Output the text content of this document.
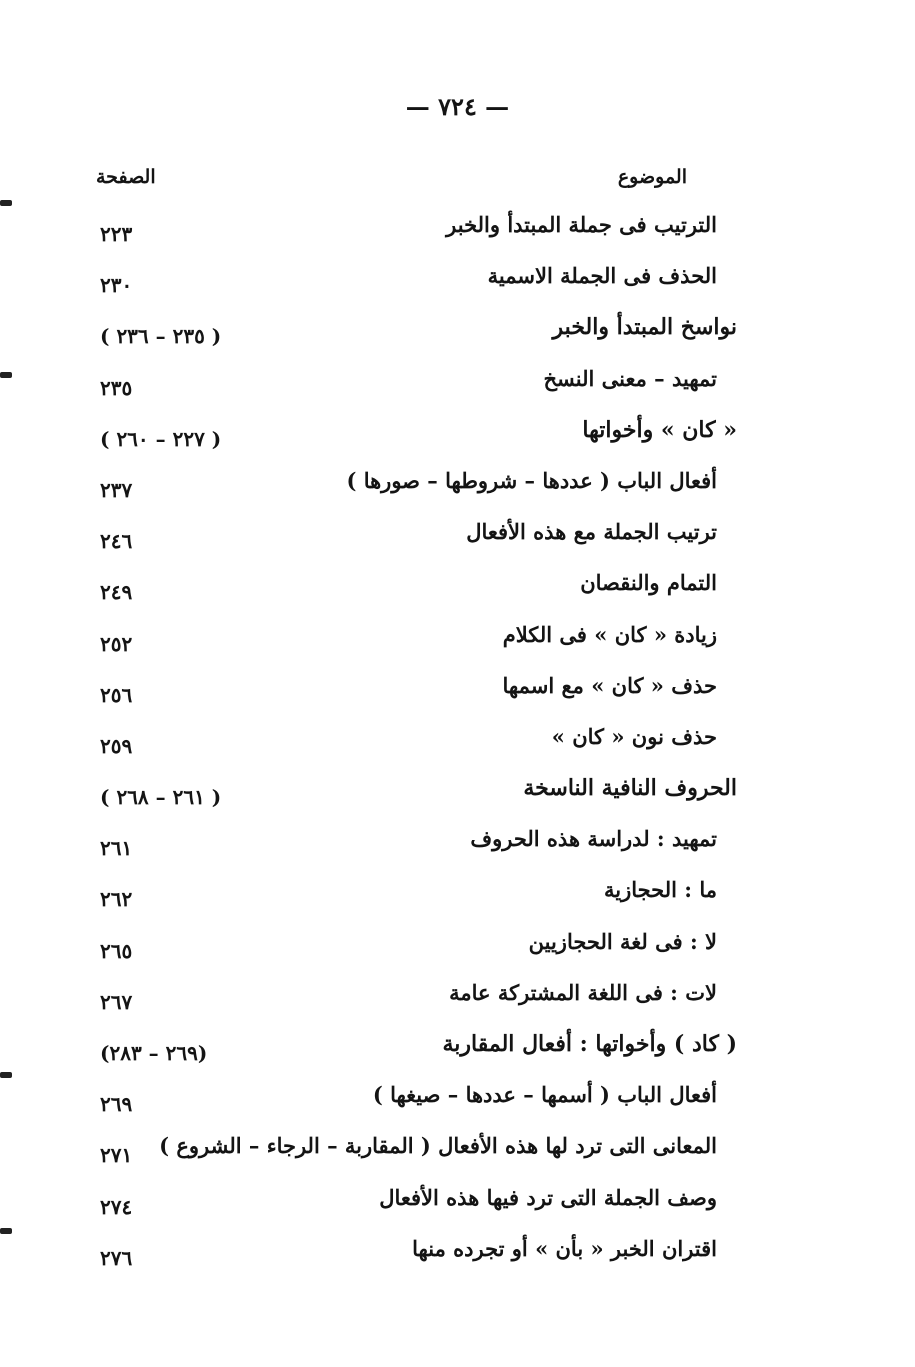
— ٧٢٤ —
الموضوع
الصفحة
الترتيب فى جملة المبتدأ والخبر
٢٢٣
الحذف فى الجملة الاسمية
٢٣٠
نواسخ المبتدأ والخبر
( ٢٣٥ – ٢٣٦ )
تمهيد – معنى النسخ
٢٣٥
« كان » وأخواتها
( ٢٢٧ – ٢٦٠ )
أفعال الباب ( عددها – شروطها – صورها )
٢٣٧
ترتيب الجملة مع هذه الأفعال
٢٤٦
التمام والنقصان
٢٤٩
زيادة « كان » فى الكلام
٢٥٢
حذف « كان » مع اسمها
٢٥٦
حذف نون « كان »
٢٥٩
الحروف النافية الناسخة
( ٢٦١ – ٢٦٨ )
تمهيد : لدراسة هذه الحروف
٢٦١
ما : الحجازية
٢٦٢
لا : فى لغة الحجازيين
٢٦٥
لات : فى اللغة المشتركة عامة
٢٦٧
( كاد ) وأخواتها : أفعال المقاربة
(٢٦٩ – ٢٨٣)
أفعال الباب ( أسمها – عددها – صيغها )
٢٦٩
المعانى التى ترد لها هذه الأفعال ( المقاربة – الرجاء – الشروع )
٢٧١
وصف الجملة التى ترد فيها هذه الأفعال
٢٧٤
اقتران الخبر « بأن » أو تجرده منها
٢٧٦
